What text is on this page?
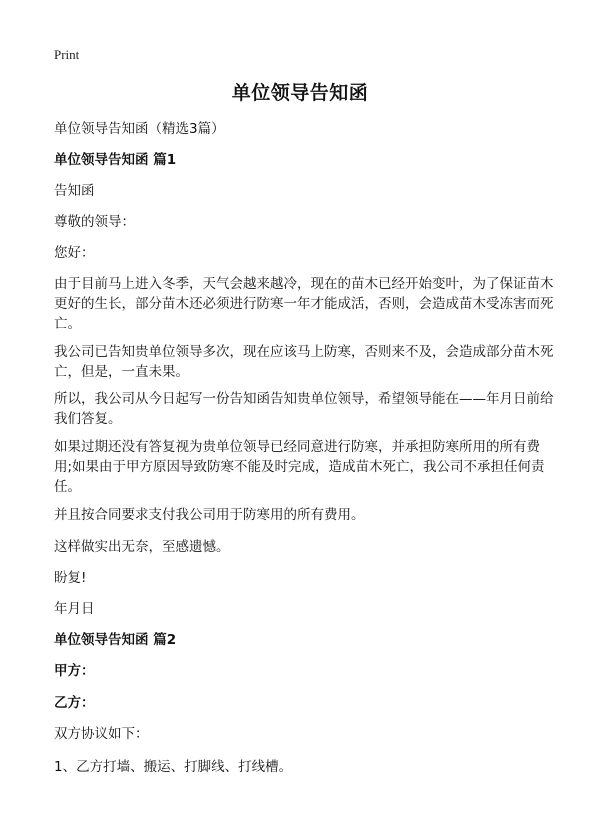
Print
单位领导告知函
单位领导告知函（精选3篇）
单位领导告知函 篇1
告知函
尊敬的领导：
您好：
由于目前马上进入冬季，天气会越来越冷，现在的苗木已经开始变叶，为了保证苗木更好的生长，部分苗木还必须进行防寒一年才能成活，否则，会造成苗木受冻害而死亡。
我公司已告知贵单位领导多次，现在应该马上防寒，否则来不及，会造成部分苗木死亡，但是，一直未果。
所以，我公司从今日起写一份告知函告知贵单位领导，希望领导能在——年月日前给我们答复。
如果过期还没有答复视为贵单位领导已经同意进行防寒，并承担防寒所用的所有费用;如果由于甲方原因导致防寒不能及时完成，造成苗木死亡，我公司不承担任何责任。
并且按合同要求支付我公司用于防寒用的所有费用。
这样做实出无奈，至感遗憾。
盼复!
年月日
单位领导告知函 篇2
甲方：
乙方：
双方协议如下：
1、乙方打墙、搬运、打脚线、打线槽。
